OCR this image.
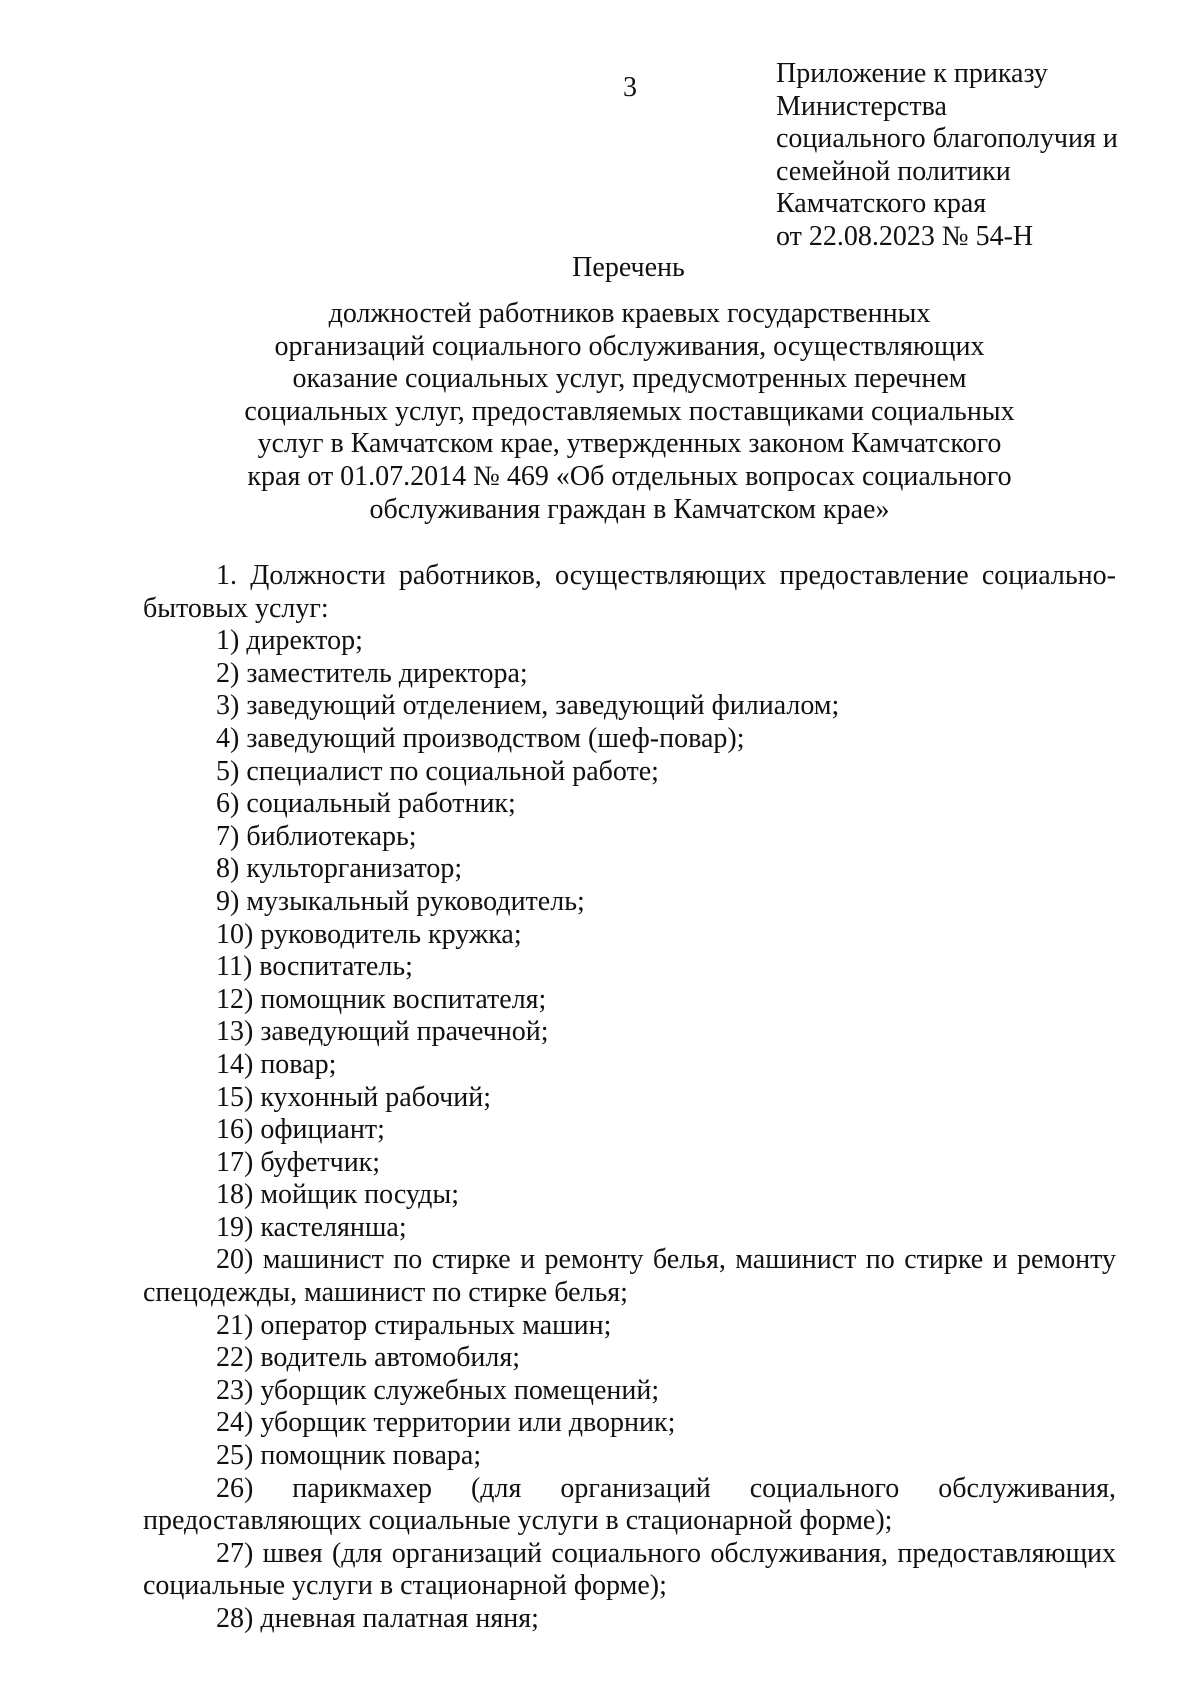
3	Приложение к приказу
Министерства
социального благополучия и
семейной политики
Камчатского края
от 22.08.2023 № 54-Н
Перечень
должностей работников краевых государственных
организаций социального обслуживания, осуществляющих
оказание социальных услуг, предусмотренных перечнем
социальных услуг, предоставляемых поставщиками социальных
услуг в Камчатском крае, утвержденных законом Камчатского
края от 01.07.2014 № 469 «Об отдельных вопросах социального
обслуживания граждан в Камчатском крае»

1. Должности работников, осуществляющих предоставление социально-

бытовых услуг:

1) директор;

2) заместитель директора;

3) заведующий отделением, заведующий филиалом;

4) заведующий производством (шеф-повар);

5) специалист по социальной работе;

6) социальный работник;

7) библиотекарь;

8) культорганизатор;

9) музыкальный руководитель;

10) руководитель кружка;

11) воспитатель;

12) помощник воспитателя;

13) заведующий прачечной;

14) повар;

15) кухонный рабочий;

16) официант;

17) буфетчик;

18) мойщик посуды;

19) кастелянша;

20) машинист по стирке и ремонту белья, машинист по стирке и ремонту

спецодежды, машинист по стирке белья;

21) оператор стиральных машин;

22) водитель автомобиля;

23) уборщик служебных помещений;

24) уборщик территории или дворник;

25) помощник повара;

26) парикмахер (для организаций социального обслуживания,

предоставляющих социальные услуги в стационарной форме);

27) швея (для организаций социального обслуживания, предоставляющих

социальные услуги в стационарной форме);

28) дневная палатная няня;
